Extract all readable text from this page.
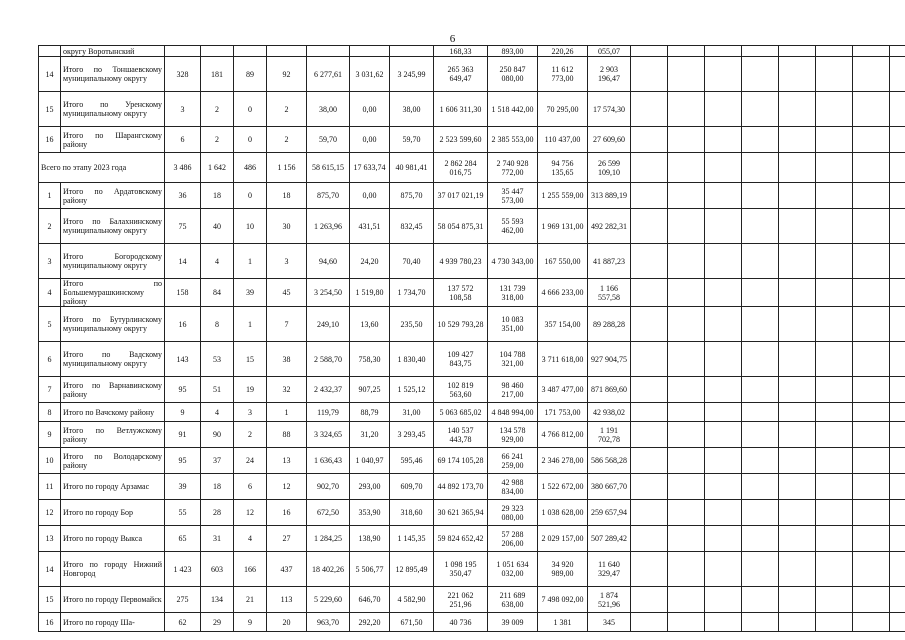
6
	округу Воротынский								168,33	893,00	220,26	055,07								
14	Итого по Тоншаевскому муниципальному округу	328	181	89	92	6 277,61	3 031,62	3 245,99	265 363 649,47	250 847 080,00	11 612 773,00	2 903 196,47								
15	Итого по Уренскому муниципальному округу	3	2	0	2	38,00	0,00	38,00	1 606 311,30	1 518 442,00	70 295,00	17 574,30								
16	Итого по Шарангскому району	6	2	0	2	59,70	0,00	59,70	2 523 599,60	2 385 553,00	110 437,00	27 609,60								
Всего по этапу 2023 года		3 486	1 642	486	1 156	58 615,15	17 633,74	40 981,41	2 862 284 016,75	2 740 928 772,00	94 756 135,65	26 599 109,10								
1	Итого по Ардатовскому району	36	18	0	18	875,70	0,00	875,70	37 017 021,19	35 447 573,00	1 255 559,00	313 889,19								
2	Итого по Балахнинскому муниципальному округу	75	40	10	30	1 263,96	431,51	832,45	58 054 875,31	55 593 462,00	1 969 131,00	492 282,31								
3	Итого Богородскому муниципальному округу	14	4	1	3	94,60	24,20	70,40	4 939 780,23	4 730 343,00	167 550,00	41 887,23								
4	Итого по Большемурашкинскому району	158	84	39	45	3 254,50	1 519,80	1 734,70	137 572 108,58	131 739 318,00	4 666 233,00	1 166 557,58								
5	Итого по Бутурлинскому муниципальному округу	16	8	1	7	249,10	13,60	235,50	10 529 793,28	10 083 351,00	357 154,00	89 288,28								
6	Итого по Вадскому муниципальному округу	143	53	15	38	2 588,70	758,30	1 830,40	109 427 843,75	104 788 321,00	3 711 618,00	927 904,75								
7	Итого по Варнавинскому району	95	51	19	32	2 432,37	907,25	1 525,12	102 819 563,60	98 460 217,00	3 487 477,00	871 869,60								
8	Итого по Вачскому району	9	4	3	1	119,79	88,79	31,00	5 063 685,02	4 848 994,00	171 753,00	42 938,02								
9	Итого по Ветлужскому району	91	90	2	88	3 324,65	31,20	3 293,45	140 537 443,78	134 578 929,00	4 766 812,00	1 191 702,78								
10	Итого по Володарскому району	95	37	24	13	1 636,43	1 040,97	595,46	69 174 105,28	66 241 259,00	2 346 278,00	586 568,28								
11	Итого по городу Арзамас	39	18	6	12	902,70	293,00	609,70	44 892 173,70	42 988 834,00	1 522 672,00	380 667,70								
12	Итого по городу Бор	55	28	12	16	672,50	353,90	318,60	30 621 365,94	29 323 080,00	1 038 628,00	259 657,94								
13	Итого по городу Выкса	65	31	4	27	1 284,25	138,90	1 145,35	59 824 652,42	57 288 206,00	2 029 157,00	507 289,42								
14	Итого по городу Нижний Новгород	1 423	603	166	437	18 402,26	5 506,77	12 895,49	1 098 195 350,47	1 051 634 032,00	34 920 989,00	11 640 329,47								
15	Итого по городу Первомайск	275	134	21	113	5 229,60	646,70	4 582,90	221 062 251,96	211 689 638,00	7 498 092,00	1 874 521,96								
16	Итого по городу Ша-	62	29	9	20	963,70	292,20	671,50	40 736	39 009	1 381	345								
